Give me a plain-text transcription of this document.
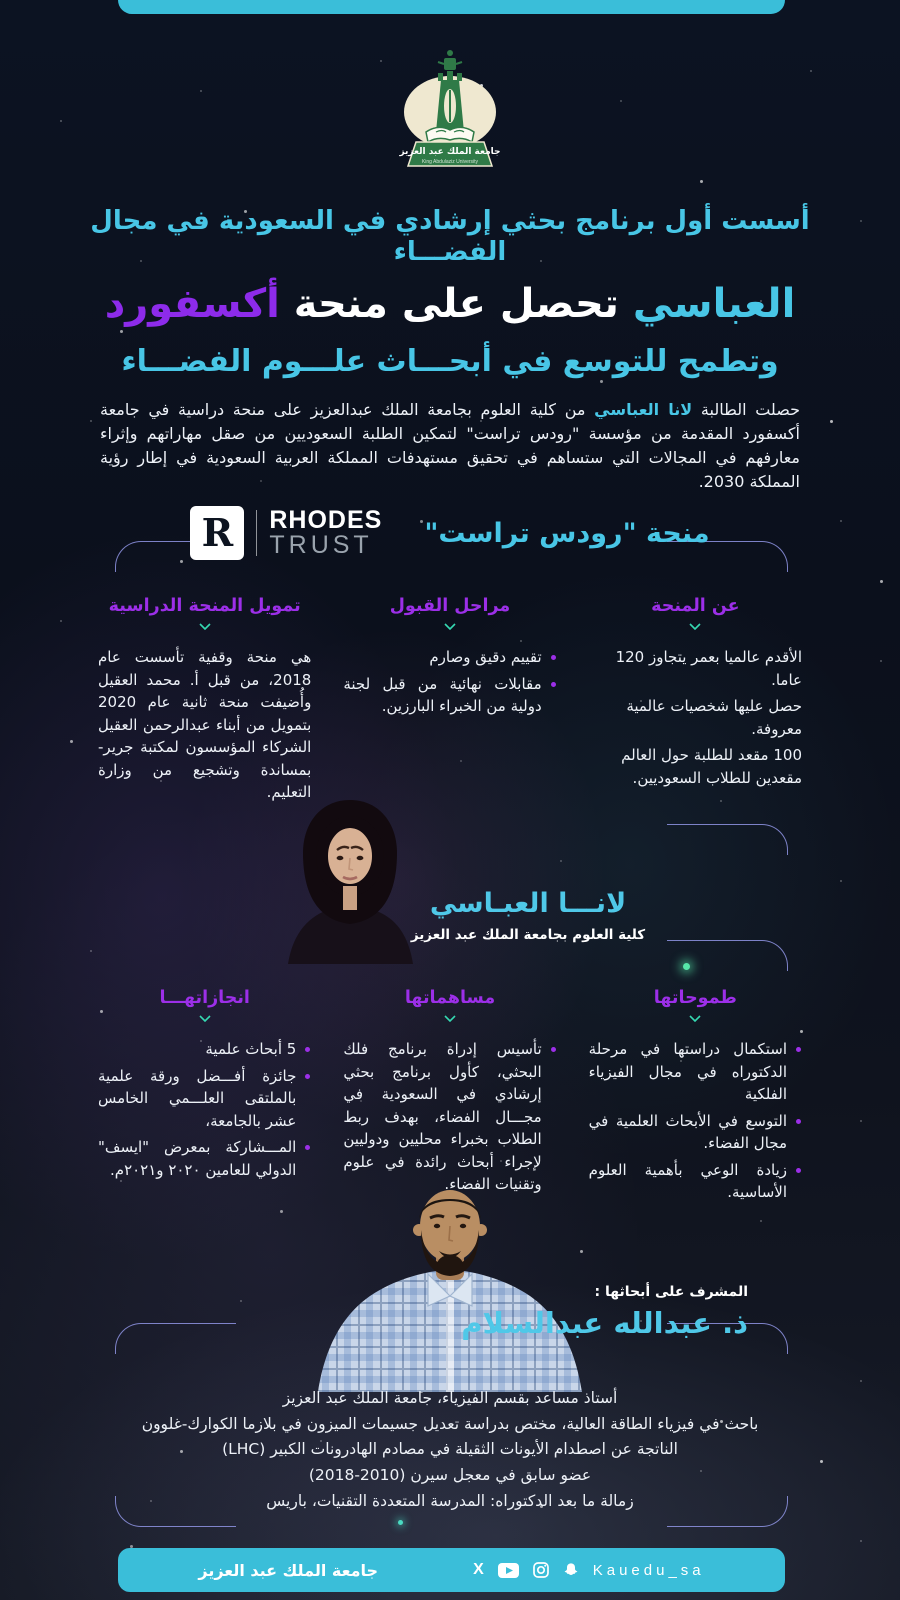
جامعة الملك عبد العزيز
King Abdulaziz University
أسست أول برنامج بحثي إرشادي في السعودية في مجال الفضـــاء
العباسي تحصل على منحة أكسفورد
وتطمح للتوسع في أبحـــاث علـــوم الفضـــاء

حصلت الطالبة لانا العباسي من كلية العلوم بجامعة الملك عبدالعزيز على منحة دراسية في جامعة أكسفورد المقدمة من مؤسسة "رودس تراست" لتمكين الطلبة السعوديين من صقل مهاراتهم وإثراء معارفهم في المجالات التي ستساهم في تحقيق مستهدفات المملكة العربية السعودية في إطار رؤية المملكة 2030.

R RHODES
TRUST	منحة "رودس تراست"
عن المنحة
الأقدم عالميا بعمر يتجاوز 120 عاما.
حصل عليها شخصيات عالمية معروفة.
100 مقعد للطلبة حول العالم مقعدين للطلاب السعوديين.
مراحل القبول
تقييم دقيق وصارم
مقابلات نهائية من قبل لجنة دولية من الخبراء البارزين.
تمويل المنحة الدراسية
هي منحة وقفية تأسست عام 2018، من قبل أ. محمد العقيل وأُضيفت منحة ثانية عام 2020 بتمويل من أبناء عبدالرحمن العقيل الشركاء المؤسسون لمكتبة جرير- بمساندة وتشجيع من وزارة التعليم.
لانـــا العبـاسي
كلية العلوم بجامعة الملك عبد العزيز
طموحاتها
استكمال دراستها في مرحلة الدكتوراه في مجال الفيزياء الفلكية
التوسع في الأبحاث العلمية في مجال الفضاء.
زيادة الوعي بأهمية العلوم الأساسية.
مساهماتها
تأسيس إدراة برنامج فلك البحثي، كأول برنامج بحثي إرشادي في السعودية في مجـــال الفضاء، بهدف ربط الطلاب بخبراء محليين ودوليين لإجراء أبحاث رائدة في علوم وتقنيات الفضاء.
انجازاتهـــا
5 أبحاث علمية
جائزة أفـــضل ورقة علمية بالملتقى العلـــمي الخامس عشر بالجامعة،
المـــشاركة بمعرض "ايسف" الدولي للعامين ٢٠٢٠ و٢٠٢١م.
المشرف على أبحاثها :
ذ. عبدالله عبدالسلام
أستاذ مساعد بقسم الفيزياء، جامعة الملك عبد العزيز
باحث في فيزياء الطاقة العالية، مختص بدراسة تعديل جسيمات الميزون في بلازما الكوارك-غلوون
الناتجة عن اصطدام الأيونات الثقيلة في مصادم الهادرونات الكبير (LHC)
عضو سابق في معجل سيرن (2010-2018)
زمالة ما بعد الدكتوراه: المدرسة المتعددة التقنيات، باريس
جامعة الملك عبد العزيز	X	Kauedu_sa
